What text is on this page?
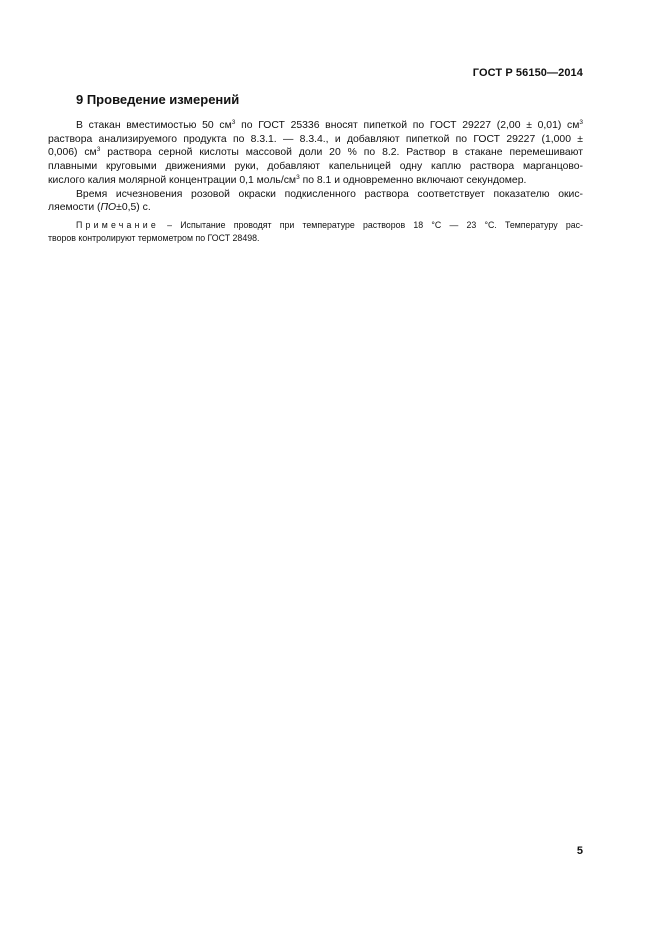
ГОСТ Р 56150—2014
9 Проведение измерений

В стакан вместимостью 50 $см^3$ по ГОСТ 25336 вносят пипеткой по ГОСТ 29227 (2,00 ± 0,01) $см^3$
раствора анализируемого продукта по 8.3.1. — 8.3.4., и добавляют пипеткой по ГОСТ 29227 (1,000 ±
0,006) $см^3$ раствора серной кислоты массовой доли 20 % по 8.2. Раствор в стакане перемешивают
плавными круговыми движениями руки, добавляют капельницей одну каплю раствора марганцово-
кислого калия молярной концентрации 0,1 моль/$см^3$ по 8.1 и одновременно включают секундомер.

Время исчезновения розовой окраски подкисленного раствора соответствует показателю окис-
ляемости (ПО±0,5) с.

Примечание – Испытание проводят при температуре растворов 18 °С — 23 °С. Температуру рас-
творов контролируют термометром по ГОСТ 28498.
5
